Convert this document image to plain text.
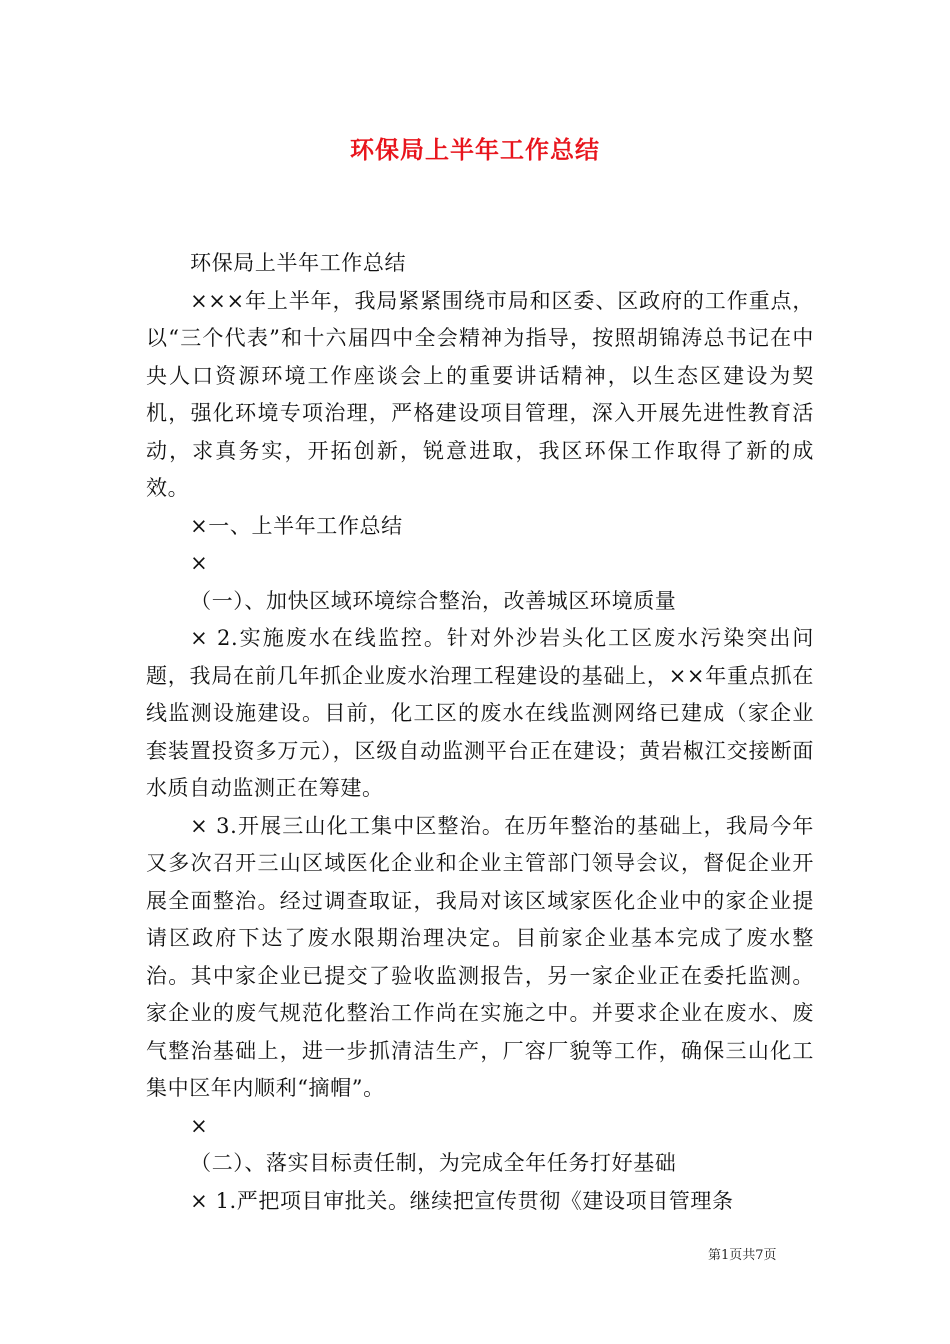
环保局上半年工作总结

环保局上半年工作总结

×××年上半年，我局紧紧围绕市局和区委、区政府的工作重点，以“三个代表”和十六届四中全会精神为指导，按照胡锦涛总书记在中央人口资源环境工作座谈会上的重要讲话精神，以生态区建设为契机，强化环境专项治理，严格建设项目管理，深入开展先进性教育活动，求真务实，开拓创新，锐意进取，我区环保工作取得了新的成效。

×一、上半年工作总结

×

（一）、加快区域环境综合整治，改善城区环境质量

× 2.实施废水在线监控。针对外沙岩头化工区废水污染突出问题，我局在前几年抓企业废水治理工程建设的基础上，××年重点抓在线监测设施建设。目前，化工区的废水在线监测网络已建成（家企业套装置投资多万元），区级自动监测平台正在建设；黄岩椒江交接断面水质自动监测正在筹建。

× 3.开展三山化工集中区整治。在历年整治的基础上，我局今年又多次召开三山区域医化企业和企业主管部门领导会议，督促企业开展全面整治。经过调查取证，我局对该区域家医化企业中的家企业提请区政府下达了废水限期治理决定。目前家企业基本完成了废水整治。其中家企业已提交了验收监测报告，另一家企业正在委托监测。家企业的废气规范化整治工作尚在实施之中。并要求企业在废水、废气整治基础上，进一步抓清洁生产，厂容厂貌等工作，确保三山化工集中区年内顺利“摘帽”。

×

（二）、落实目标责任制，为完成全年任务打好基础

× 1.严把项目审批关。继续把宣传贯彻《建设项目管理条

第1页共7页
